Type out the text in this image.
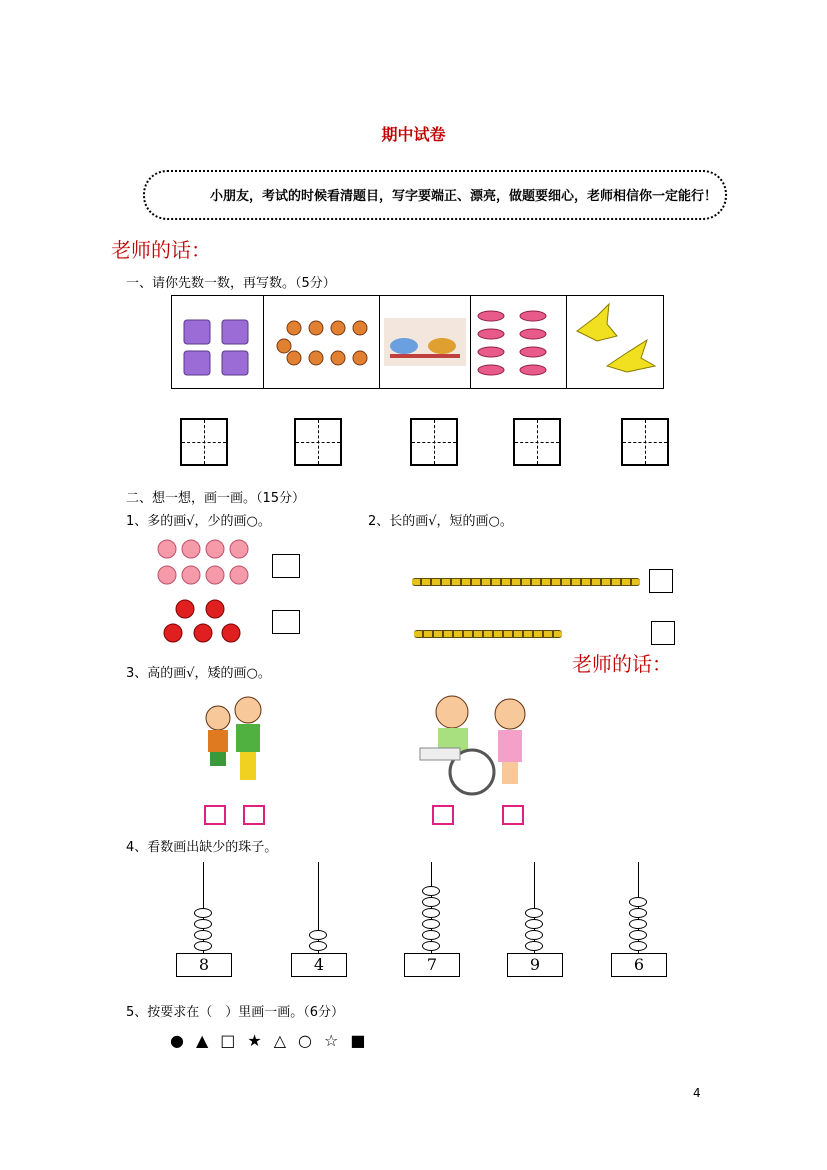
期中试卷
小朋友，考试的时候看清题目，写字要端正、漂亮，做题要细心，老师相信你一定能行！
老师的话：
一、请你先数一数，再写数。（5分）
二、想一想，画一画。（15分）
1、多的画√，少的画○。	2、长的画√，短的画○。
老师的话：
3、高的画√，矮的画○。
4、看数画出缺少的珠子。
8	4	7	9	6
5、按要求在（　）里画一画。（6分）
●▲□★△○☆■
4
